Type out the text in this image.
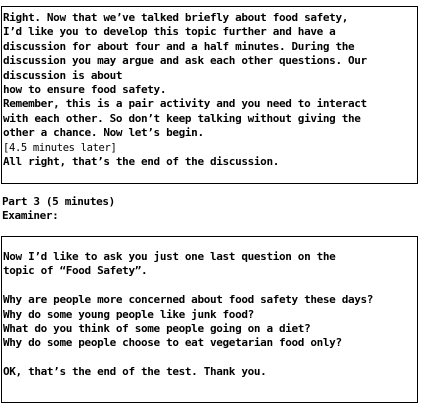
Right. Now that we’ve talked briefly about food safety,
I’d like you to develop this topic further and have a
discussion for about four and a half minutes. During the
discussion you may argue and ask each other questions. Our
discussion is about
how to ensure food safety.
Remember, this is a pair activity and you need to interact
with each other. So don’t keep talking without giving the
other a chance. Now let’s begin.
[4.5 minutes later]
All right, that’s the end of the discussion.
Part 3 (5 minutes)
Examiner:
Now I’d like to ask you just one last question on the
topic of “Food Safety”.
Why are people more concerned about food safety these days?
Why do some young people like junk food?
What do you think of some people going on a diet?
Why do some people choose to eat vegetarian food only?
OK, that’s the end of the test. Thank you.
